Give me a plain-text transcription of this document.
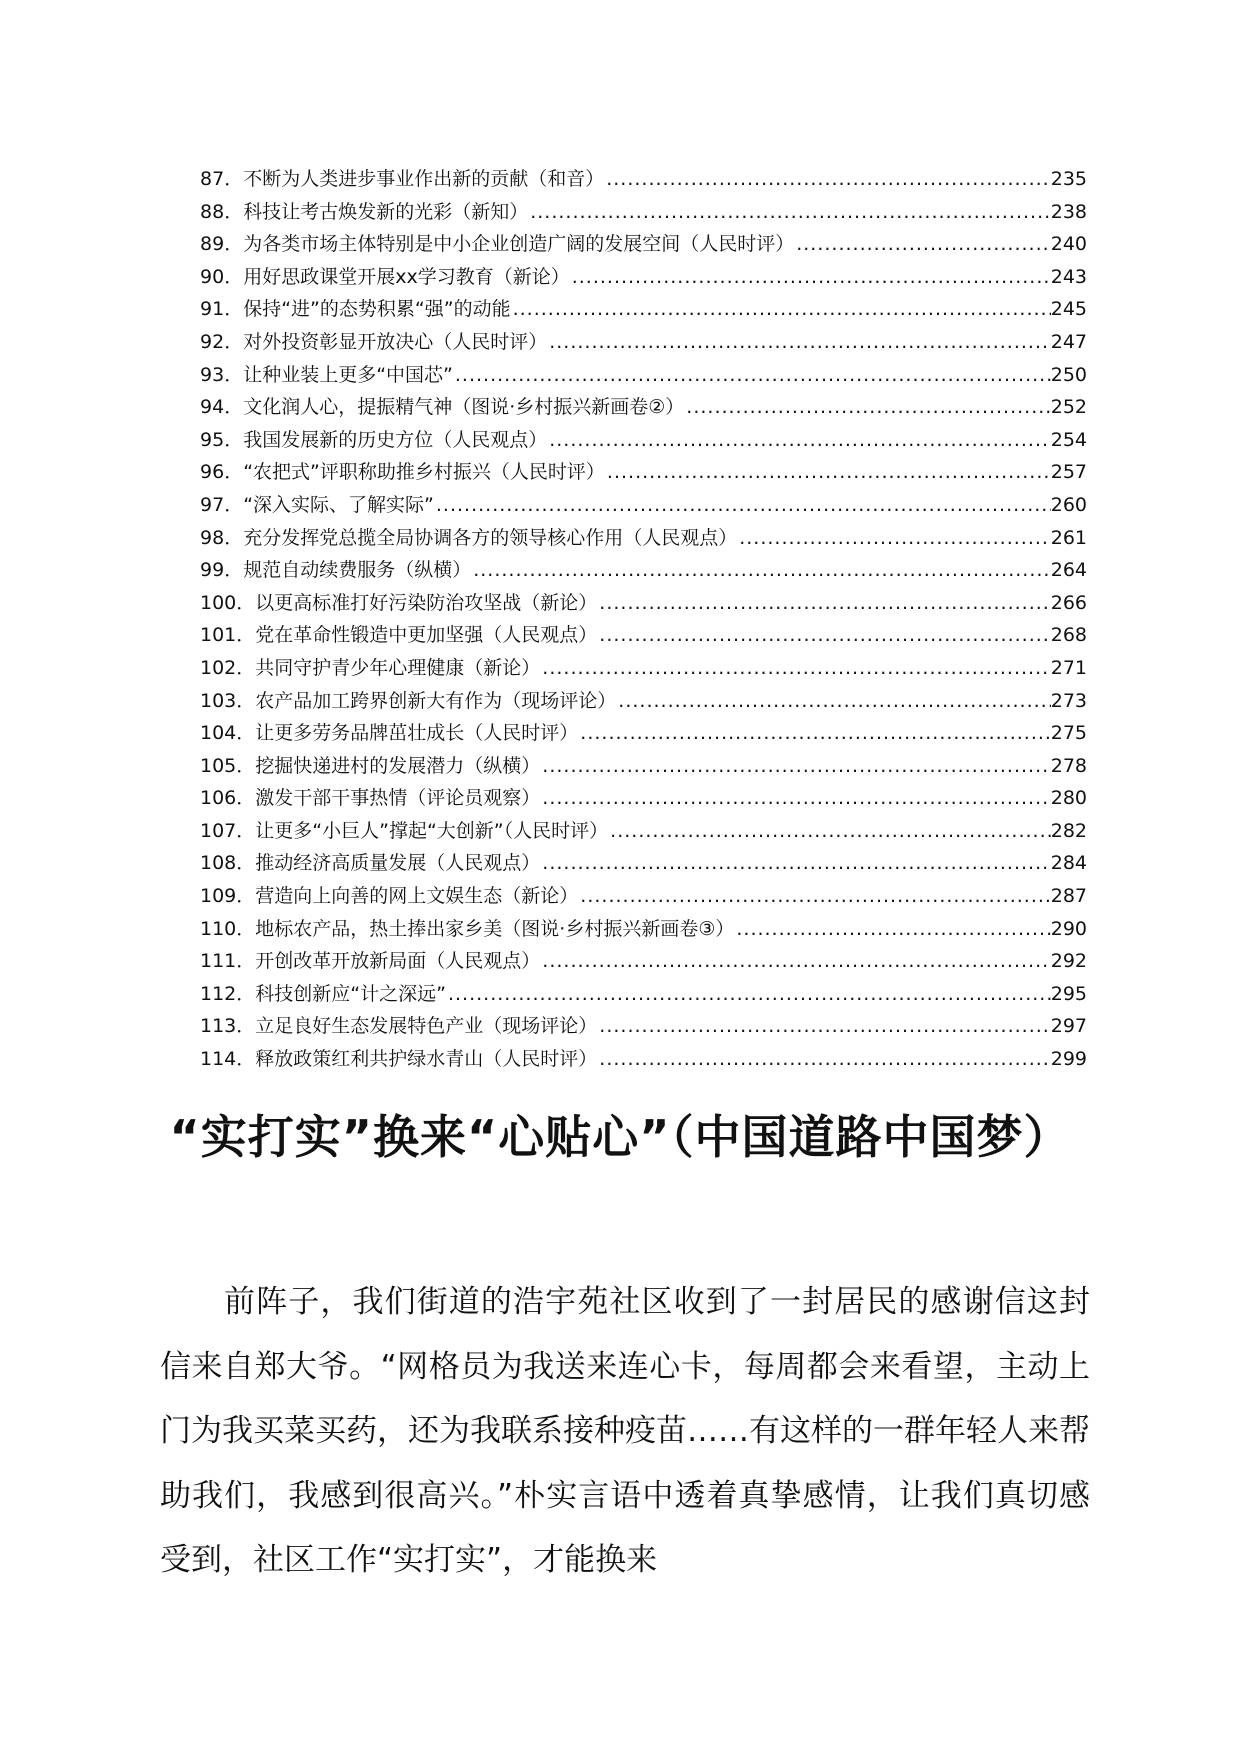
87 ． 不断为人类进步事业作出新的贡献（和音） .....	235
88 ． 科技让考古焕发新的光彩（新知） .....	238
89 ． 为各类市场主体特别是中小企业创造广阔的发展空间（人民时评） .....	240
90 ． 用好思政课堂开展xx学习教育（新论） .....	243
91 ． 保持“进”的态势积累“强”的动能 .....	245
92 ． 对外投资彰显开放决心（人民时评） .....	247
93 ． 让种业装上更多“中国芯” .....	250
94 ． 文化润人心，提振精气神（图说·乡村振兴新画卷②） .....	252
95 ． 我国发展新的历史方位（人民观点） .....	254
96 ． “农把式”评职称助推乡村振兴（人民时评） .....	257
97 ． “深入实际、了解实际” .....	260
98 ． 充分发挥党总揽全局协调各方的领导核心作用（人民观点） .....	261
99 ． 规范自动续费服务（纵横） .....	264
100 ． 以更高标准打好污染防治攻坚战（新论） .....	266
101 ． 党在革命性锻造中更加坚强（人民观点） .....	268
102 ． 共同守护青少年心理健康（新论） .....	271
103 ． 农产品加工跨界创新大有作为（现场评论） .....	273
104 ． 让更多劳务品牌茁壮成长（人民时评） .....	275
105 ． 挖掘快递进村的发展潜力（纵横） .....	278
106 ． 激发干部干事热情（评论员观察） .....	280
107 ． 让更多“小巨人”撑起“大创新”（人民时评） .....	282
108 ． 推动经济高质量发展（人民观点） .....	284
109 ． 营造向上向善的网上文娱生态（新论） .....	287
110 ． 地标农产品，热土捧出家乡美（图说·乡村振兴新画卷③） .....	290
111 ． 开创改革开放新局面（人民观点） .....	292
112 ． 科技创新应“计之深远” .....	295
113 ． 立足良好生态发展特色产业（现场评论） .....	297
114 ． 释放政策红利共护绿水青山（人民时评） .....	299
“实打实”换来“心贴心”（中国道路中国梦）

前阵子，我们街道的浩宇苑社区收到了一封居民的感谢信这封信来自郑大爷。“网格员为我送来连心卡，每周都会来看望，主动上门为我买菜买药，还为我联系接种疫苗……有这样的一群年轻人来帮助我们，我感到很高兴。”朴实言语中透着真挚感情，让我们真切感受到，社区工作“实打实”，才能换来
